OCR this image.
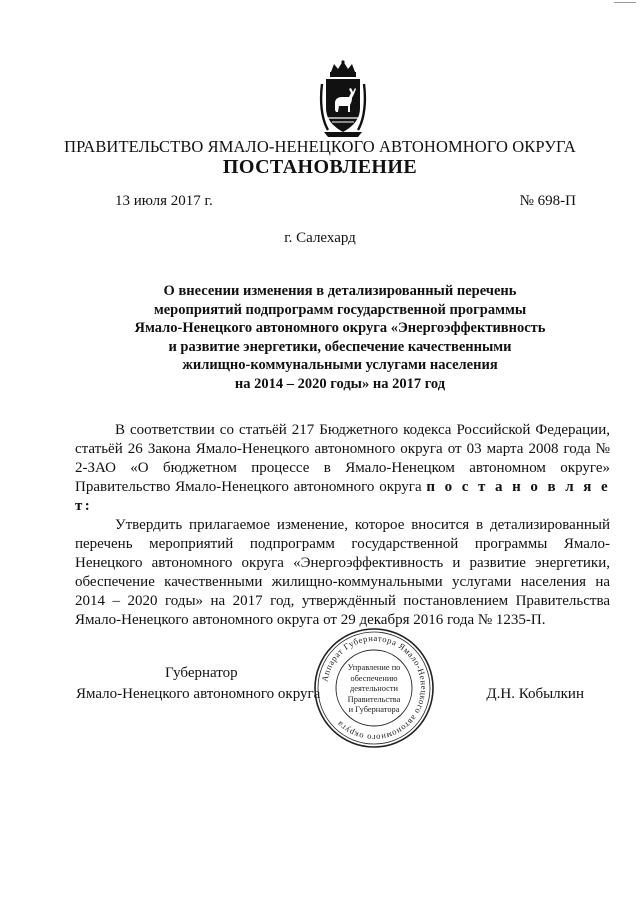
ПРАВИТЕЛЬСТВО ЯМАЛО-НЕНЕЦКОГО АВТОНОМНОГО ОКРУГА
ПОСТАНОВЛЕНИЕ
13 июля 2017 г.	№ 698-П
г. Салехард
О внесении изменения в детализированный перечень
мероприятий подпрограмм государственной программы
Ямало-Ненецкого автономного округа «Энергоэффективность
и развитие энергетики, обеспечение качественными
жилищно-коммунальными услугами населения
на 2014 – 2020 годы» на 2017 год

В соответствии со статьёй 217 Бюджетного кодекса Российской Федерации, статьёй 26 Закона Ямало-Ненецкого автономного округа от 03 марта 2008 года № 2-ЗАО «О бюджетном процессе в Ямало-Ненецком автономном округе» Правительство Ямало-Ненецкого автономного округа п о с т а н о в л я е т:

Утвердить прилагаемое изменение, которое вносится в детализированный перечень мероприятий подпрограмм государственной программы Ямало-Ненецкого автономного округа «Энергоэффективность и развитие энергетики, обеспечение качественными жилищно-коммунальными услугами населения на 2014 – 2020 годы» на 2017 год, утверждённый постановлением Правительства Ямало-Ненецкого автономного округа от 29 декабря 2016 года № 1235-П.

Губернатор
Ямало-Ненецкого автономного округа	Д.Н. Кобылкин
Аппарат Губернатора Ямало-Ненецкого автономного округа
Управление по
обеспечению
деятельности
Правительства
и Губернатора
